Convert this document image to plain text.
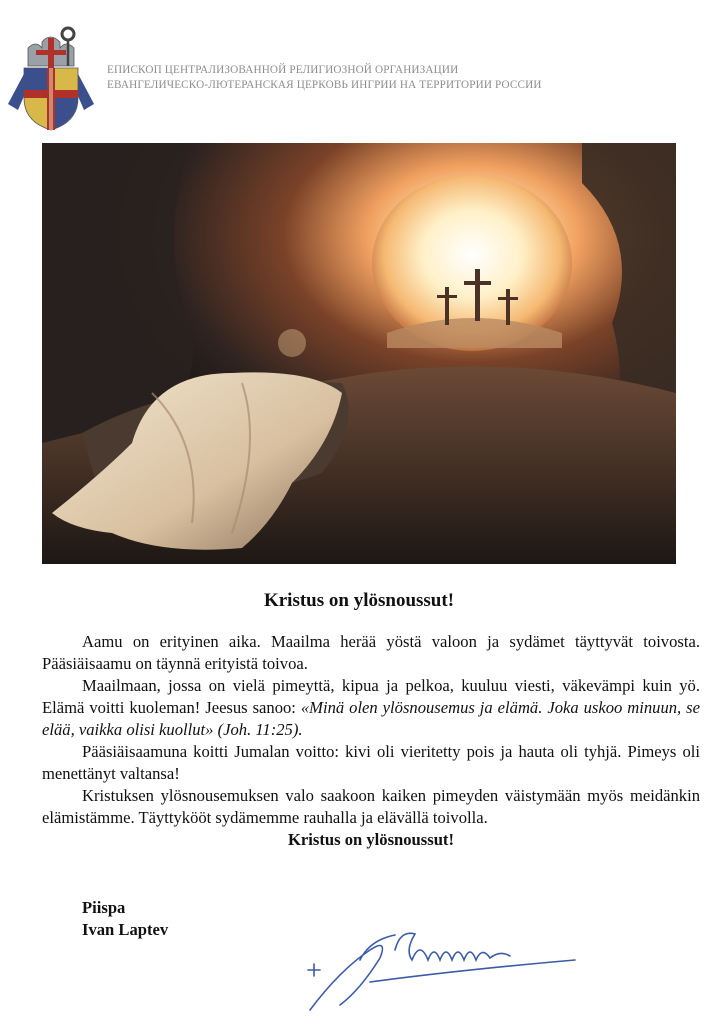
ЕПИСКОП ЦЕНТРАЛИЗОВАННОЙ РЕЛИГИОЗНОЙ ОРГАНИЗАЦИИ
ЕВАНГЕЛИЧЕСКО-ЛЮТЕРАНСКАЯ ЦЕРКОВЬ ИНГРИИ НА ТЕРРИТОРИИ РОССИИ
Kristus on ylösnoussut!

Aamu on erityinen aika. Maailma herää yöstä valoon ja sydämet täyttyvät toivosta. Pääsiäisaamu on täynnä erityistä toivoa.

Maailmaan, jossa on vielä pimeyttä, kipua ja pelkoa, kuuluu viesti, väkevämpi kuin yö. Elämä voitti kuoleman! Jeesus sanoo: «Minä olen ylösnousemus ja elämä. Joka uskoo minuun, se elää, vaikka olisi kuollut» (Joh. 11:25).

Pääsiäisaamuna koitti Jumalan voitto: kivi oli vieritetty pois ja hauta oli tyhjä. Pimeys oli menettänyt valtansa!

Kristuksen ylösnousemuksen valo saakoon kaiken pimeyden väistymään myös meidänkin elämistämme. Täyttykööt sydämemme rauhalla ja elävällä toivolla.

Kristus on ylösnoussut!

Piispa
Ivan Laptev
